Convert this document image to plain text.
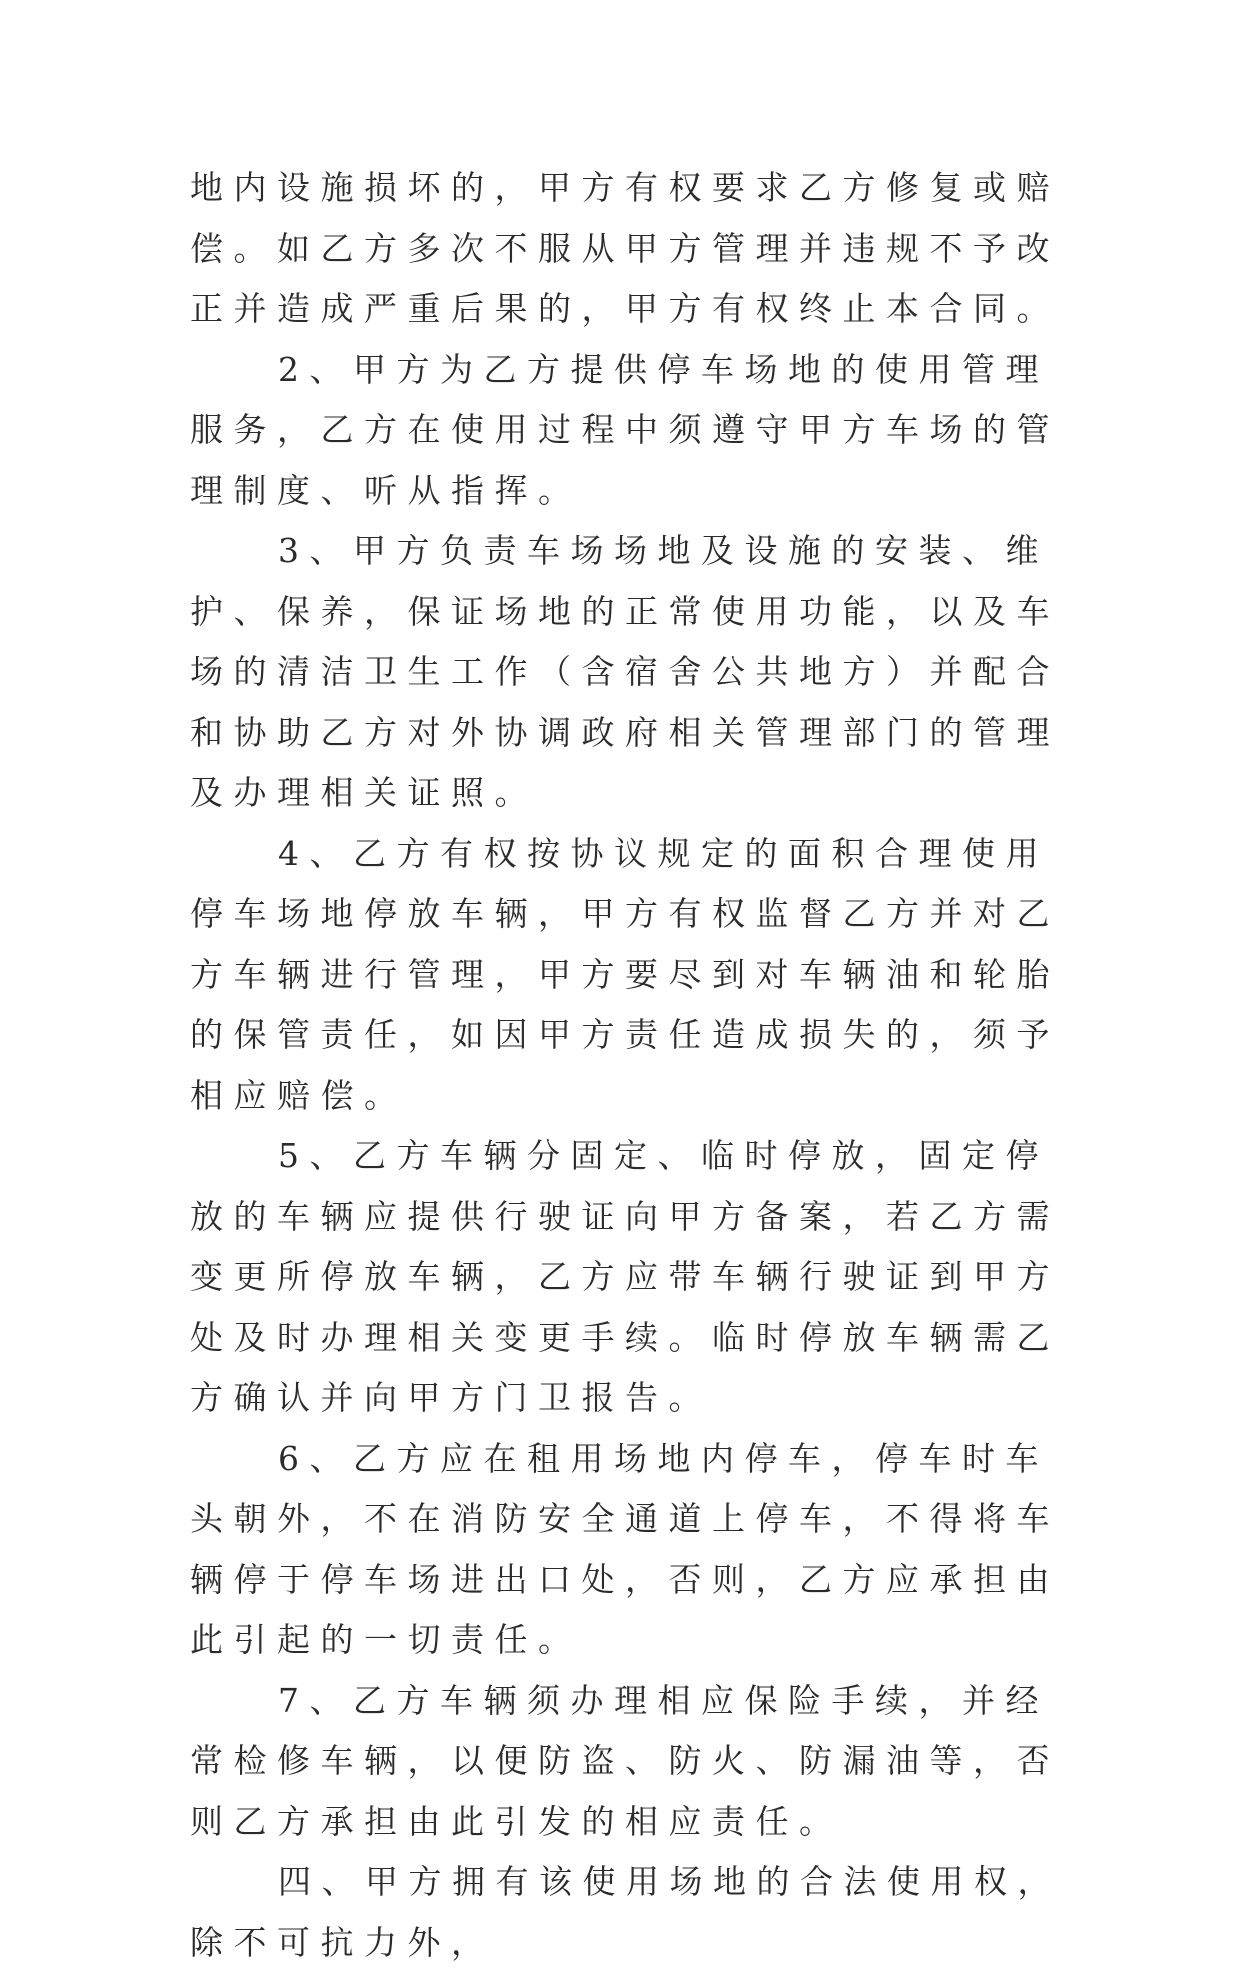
地内设施损坏的，甲方有权要求乙方修复或赔偿。如乙方多次不服从甲方管理并违规不予改正并造成严重后果的，甲方有权终止本合同。

2、甲方为乙方提供停车场地的使用管理服务，乙方在使用过程中须遵守甲方车场的管理制度、听从指挥。

3、甲方负责车场场地及设施的安装、维护、保养，保证场地的正常使用功能，以及车场的清洁卫生工作（含宿舍公共地方）并配合和协助乙方对外协调政府相关管理部门的管理及办理相关证照。

4、乙方有权按协议规定的面积合理使用停车场地停放车辆，甲方有权监督乙方并对乙方车辆进行管理，甲方要尽到对车辆油和轮胎的保管责任，如因甲方责任造成损失的，须予相应赔偿。

5、乙方车辆分固定、临时停放，固定停放的车辆应提供行驶证向甲方备案，若乙方需变更所停放车辆，乙方应带车辆行驶证到甲方处及时办理相关变更手续。临时停放车辆需乙方确认并向甲方门卫报告。

6、乙方应在租用场地内停车，停车时车头朝外，不在消防安全通道上停车，不得将车辆停于停车场进出口处，否则，乙方应承担由此引起的一切责任。

7、乙方车辆须办理相应保险手续，并经常检修车辆，以便防盗、防火、防漏油等，否则乙方承担由此引发的相应责任。

四、甲方拥有该使用场地的合法使用权，除不可抗力外，
